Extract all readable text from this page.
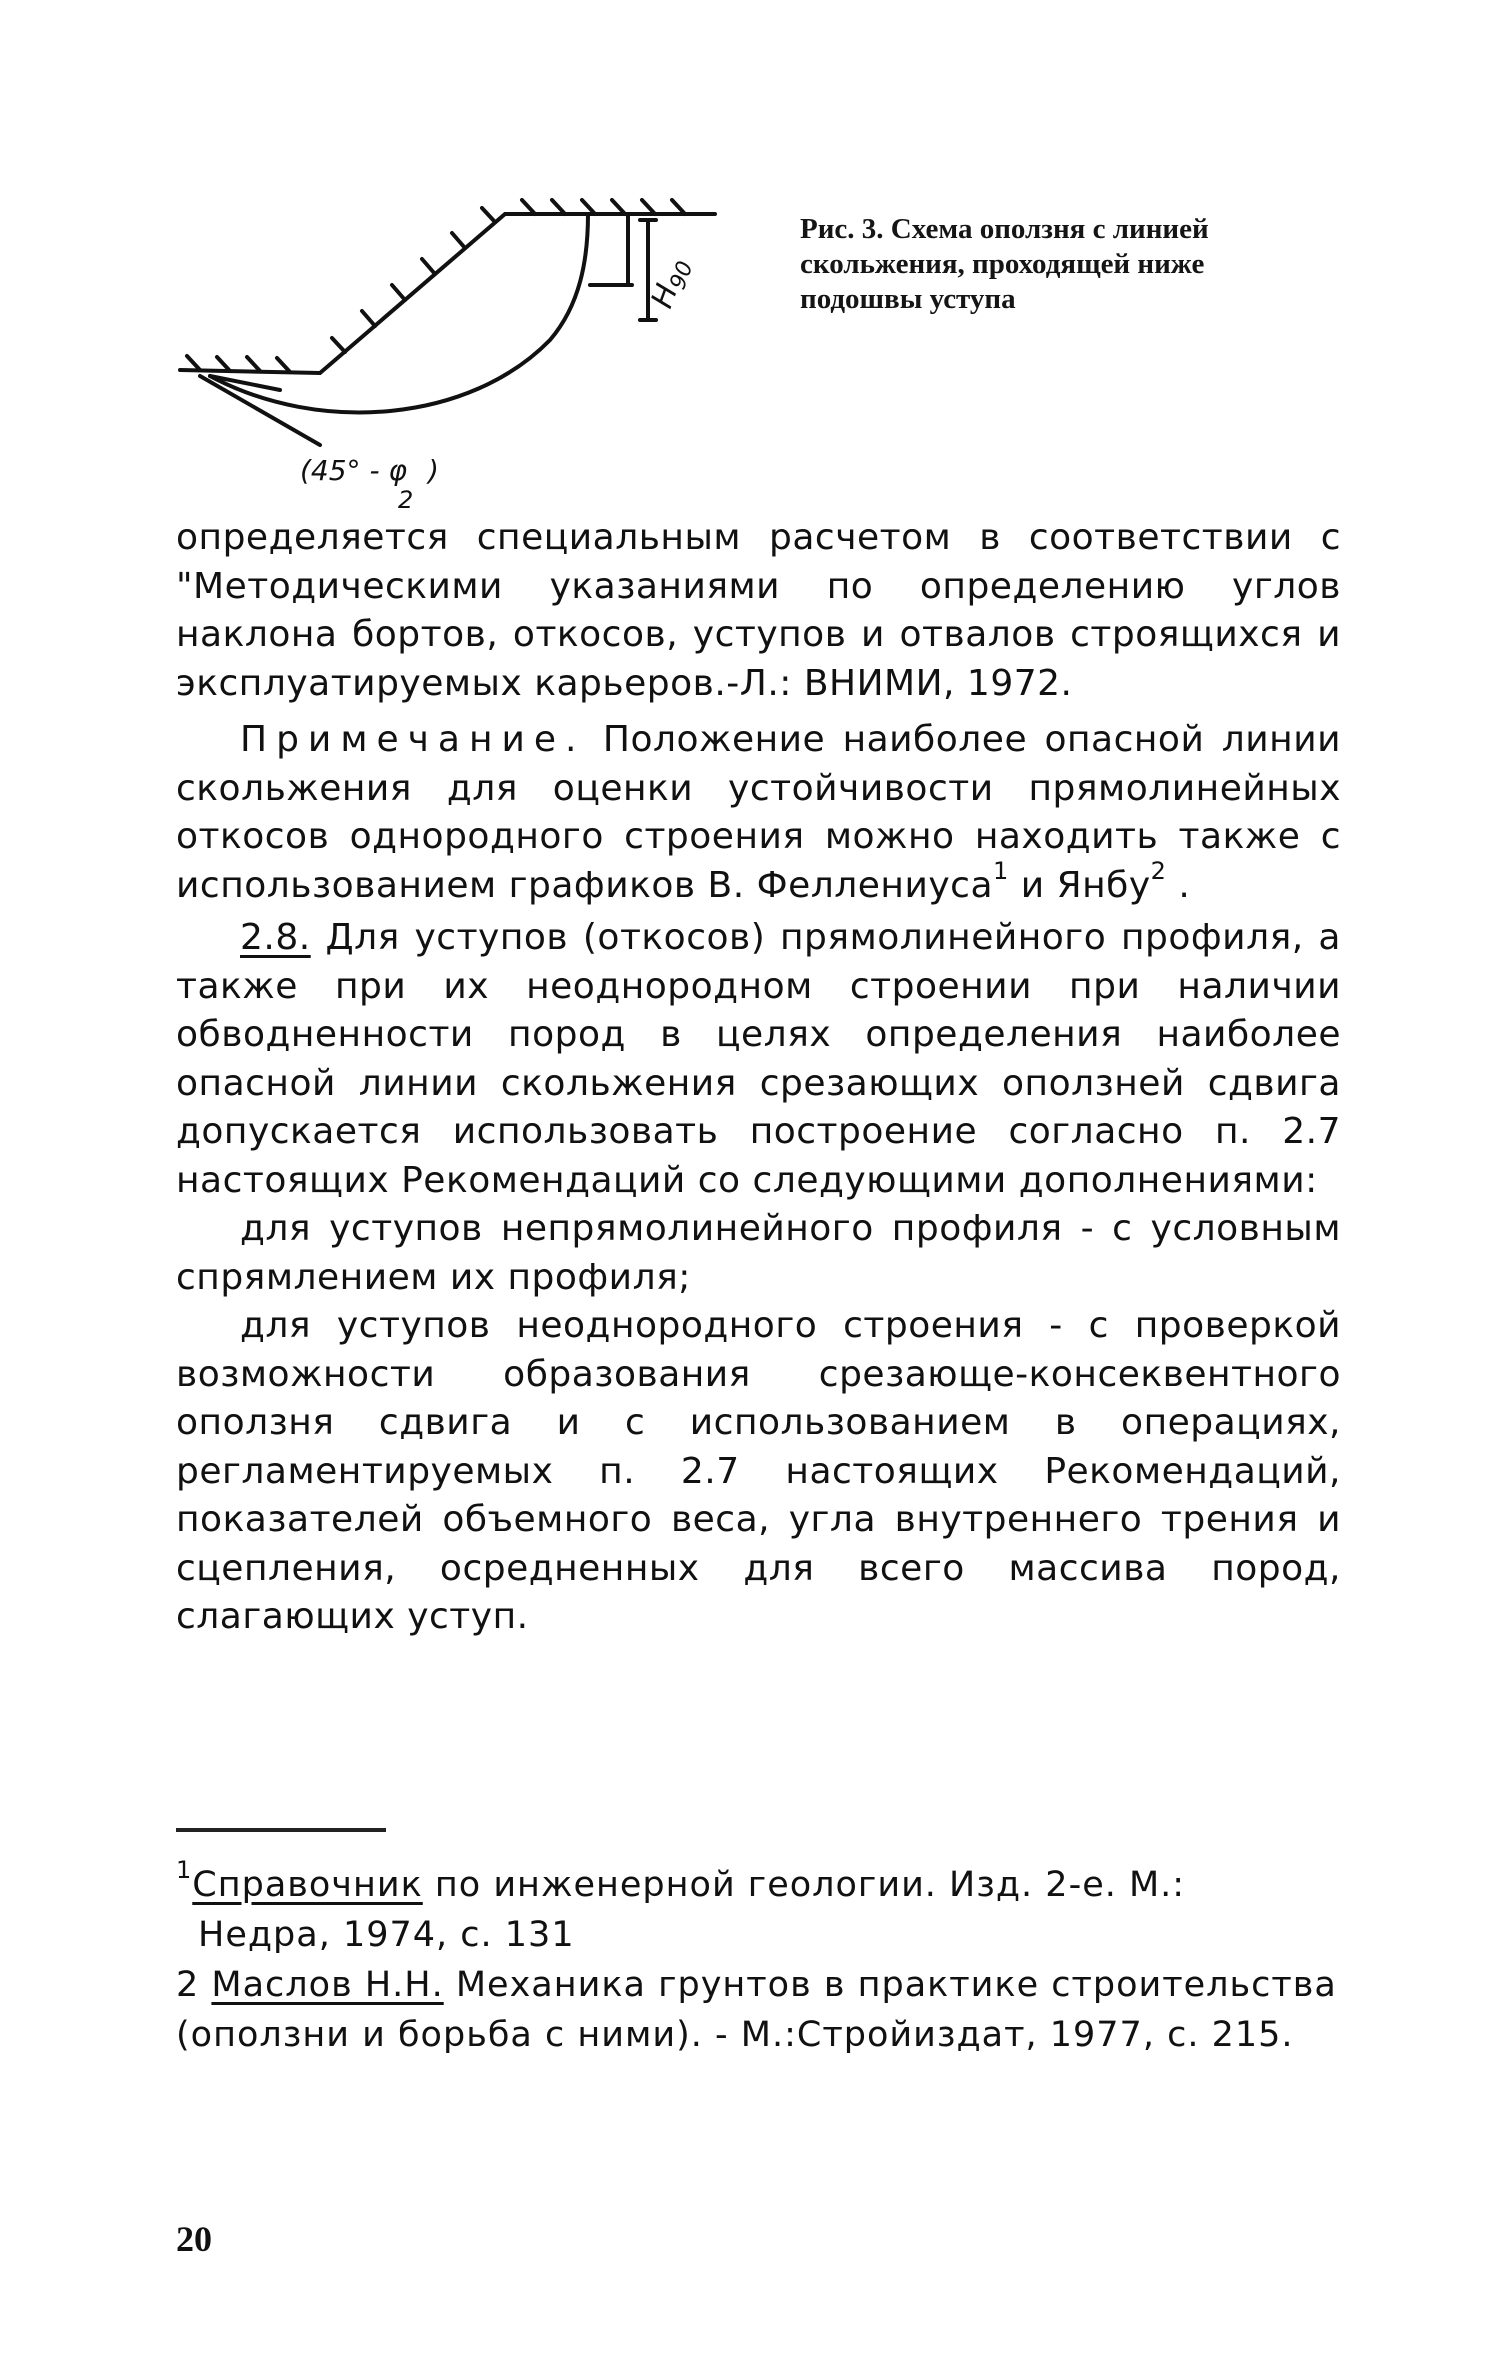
$H_{90}$
(45° - φ
2
)
Рис. 3. Схема оползня с линией скольжения, проходящей ниже подошвы уступа

определяется специальным расчетом в соответствии с "Методическими указаниями по определению углов наклона бортов, откосов, уступов и отвалов строящихся и эксплуатируемых карьеров.-Л.: ВНИМИ, 1972.

Примечание. Положение наиболее опасной линии скольжения для оценки устойчивости прямолинейных откосов однородного строения можно находить также с использованием графиков В. Феллениуса$^1$ и Янбу$^2$ .

2.8. Для уступов (откосов) прямолинейного профиля, а также при их неоднородном строении при наличии обводненности пород в целях определения наиболее опасной линии скольжения срезающих оползней сдвига допускается использовать построение согласно п. 2.7 настоящих Рекомендаций со следующими дополнениями:

для уступов непрямолинейного профиля - с условным спрямлением их профиля;

для уступов неоднородного строения - с проверкой возможности образования срезающе-консеквентного оползня сдвига и с использованием в операциях, регламентируемых п. 2.7 настоящих Рекомендаций, показателей объемного веса, угла внутреннего трения и сцепления, осредненных для всего массива пород, слагающих уступ.

$^1$Справочник по инженерной геологии. Изд. 2-е. М.:

Недра, 1974, с. 131

2 Маслов Н.Н. Механика грунтов в практике строительства (оползни и борьба с ними). - М.:Стройиздат, 1977, с. 215.

20
